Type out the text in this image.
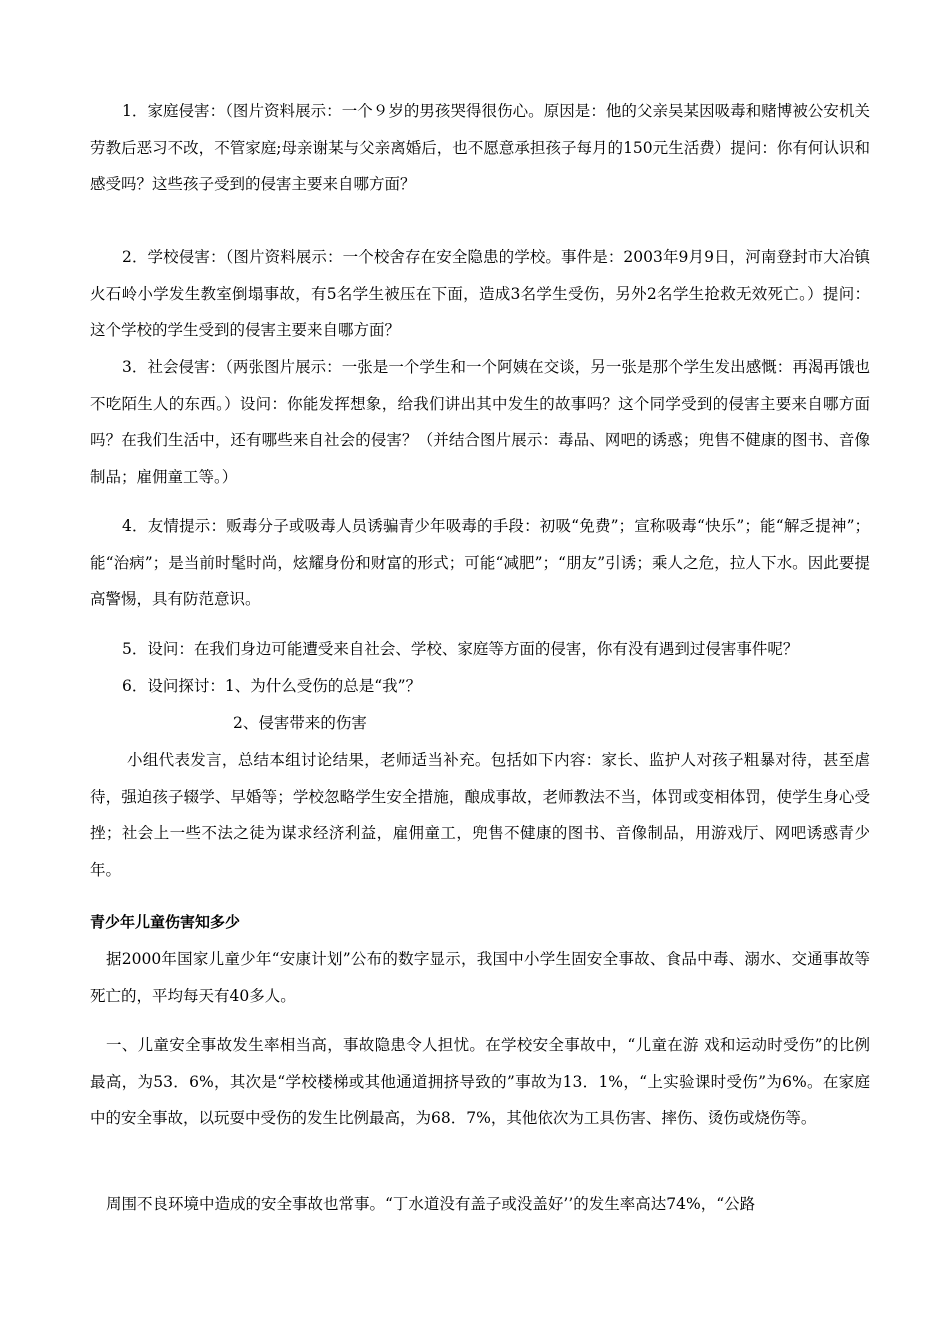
1．家庭侵害：（图片资料展示：一个９岁的男孩哭得很伤心。原因是：他的父亲吴某因吸毒和赌博被公安机关劳教后恶习不改，不管家庭;母亲谢某与父亲离婚后，也不愿意承担孩子每月的150元生活费）提问：你有何认识和感受吗？这些孩子受到的侵害主要来自哪方面？

2．学校侵害：（图片资料展示：一个校舍存在安全隐患的学校。事件是：2003年9月9日，河南登封市大冶镇火石岭小学发生教室倒塌事故，有5名学生被压在下面，造成3名学生受伤，另外2名学生抢救无效死亡。）提问：这个学校的学生受到的侵害主要来自哪方面？

3．社会侵害：（两张图片展示：一张是一个学生和一个阿姨在交谈，另一张是那个学生发出感慨：再渴再饿也不吃陌生人的东西。）设问：你能发挥想象，给我们讲出其中发生的故事吗？这个同学受到的侵害主要来自哪方面吗？在我们生活中，还有哪些来自社会的侵害？（并结合图片展示：毒品、网吧的诱惑；兜售不健康的图书、音像制品；雇佣童工等。）

4．友情提示：贩毒分子或吸毒人员诱骗青少年吸毒的手段：初吸“免费”；宣称吸毒“快乐”；能“解乏提神”；能“治病”；是当前时髦时尚，炫耀身份和财富的形式；可能“减肥”；“朋友”引诱；乘人之危，拉人下水。因此要提高警惕，具有防范意识。

5．设问：在我们身边可能遭受来自社会、学校、家庭等方面的侵害，你有没有遇到过侵害事件呢？

6．设问探讨：1、为什么受伤的总是“我”？

2、侵害带来的伤害

小组代表发言，总结本组讨论结果，老师适当补充。包括如下内容：家长、监护人对孩子粗暴对待，甚至虐待，强迫孩子辍学、早婚等；学校忽略学生安全措施，酿成事故，老师教法不当，体罚或变相体罚，使学生身心受挫；社会上一些不法之徒为谋求经济利益，雇佣童工，兜售不健康的图书、音像制品，用游戏厅、网吧诱惑青少年。

青少年儿童伤害知多少

据2000年国家儿童少年“安康计划”公布的数字显示，我国中小学生固安全事故、食品中毒、溺水、交通事故等死亡的，平均每天有40多人。

一、儿童安全事故发生率相当高，事故隐患令人担忧。在学校安全事故中，“儿童在游 戏和运动时受伤”的比例最高，为53．6%，其次是“学校楼梯或其他通道拥挤导致的”事故为13．1%，“上实验课时受伤”为6%。在家庭中的安全事故，以玩耍中受伤的发生比例最高，为68．7%，其他依次为工具伤害、摔伤、烫伤或烧伤等。

周围不良环境中造成的安全事故也常事。“丁水道没有盖子或没盖好’’的发生率高达74%，“公路
